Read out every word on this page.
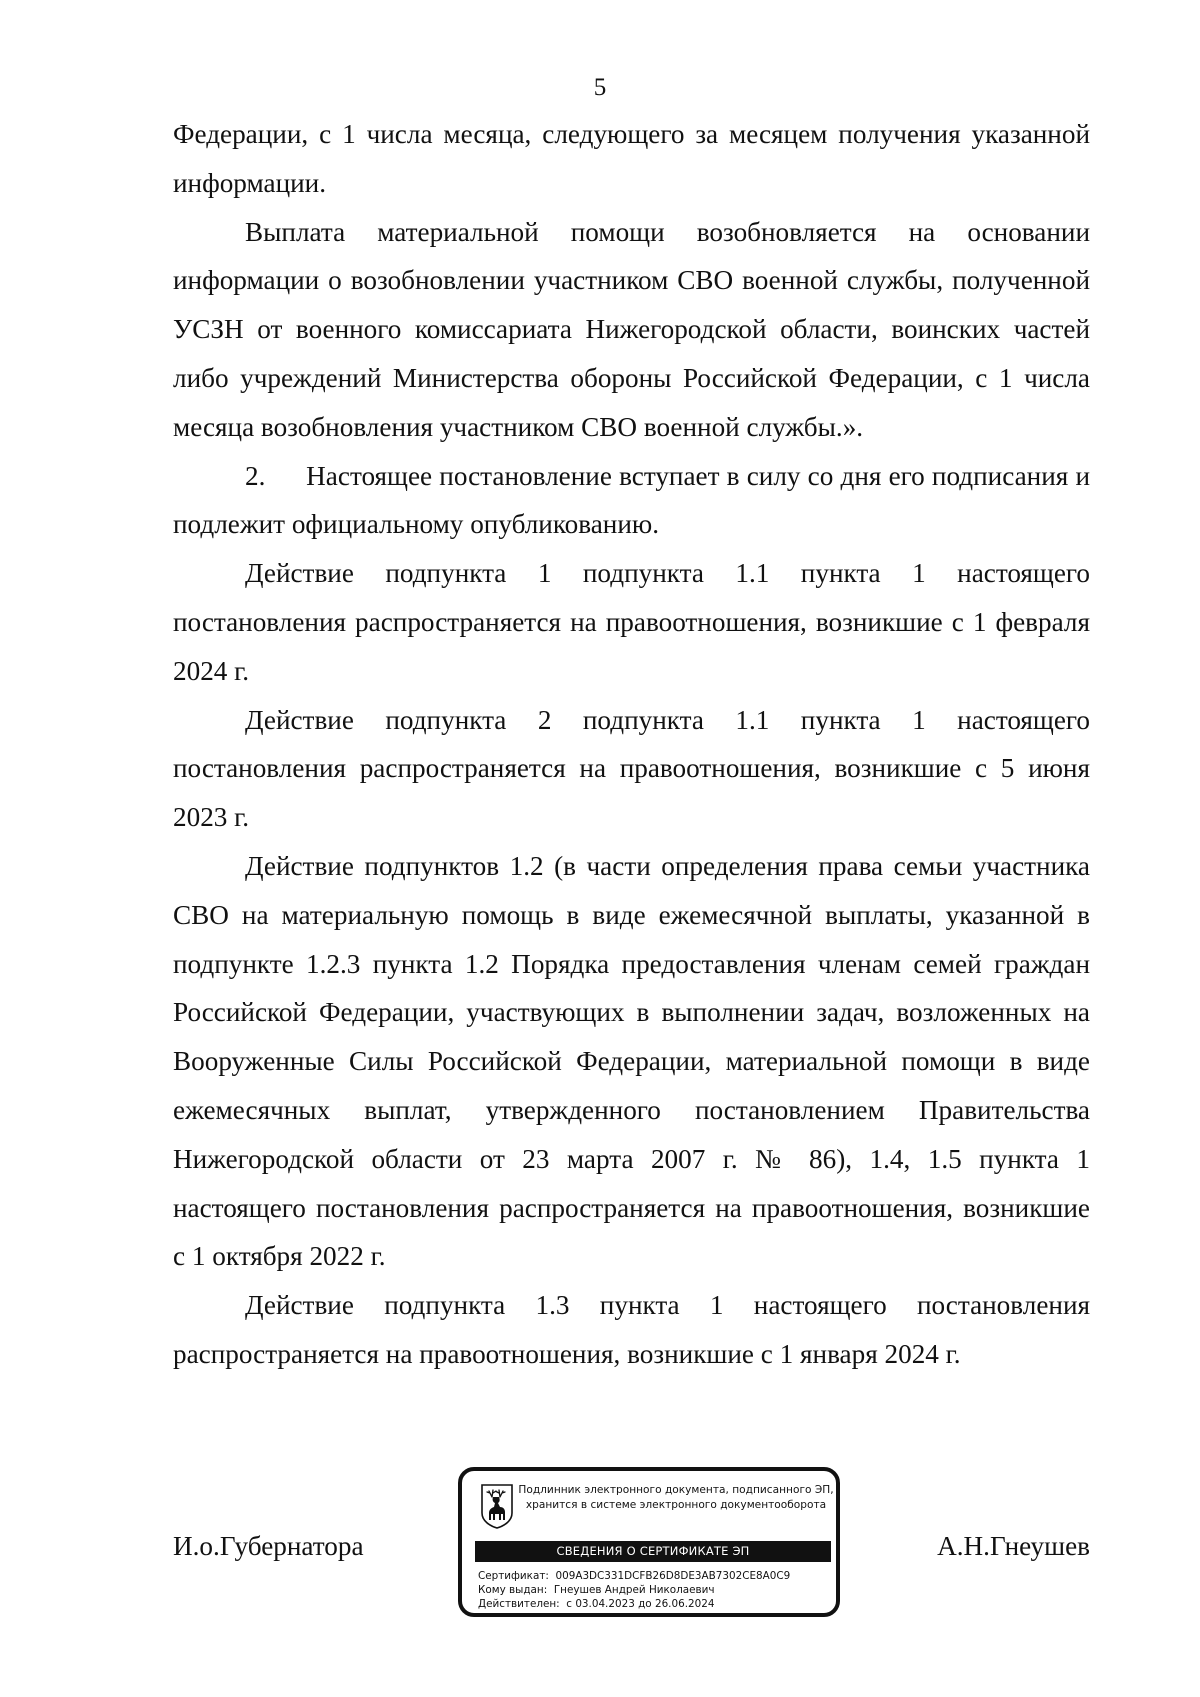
5

Федерации, с 1 числа месяца, следующего за месяцем получения указанной информации.

Выплата материальной помощи возобновляется на основании информации о возобновлении участником СВО военной службы, полученной УСЗН от военного комиссариата Нижегородской области, воинских частей либо учреждений Министерства обороны Российской Федерации, с 1 числа месяца возобновления участником СВО военной службы.».

2.  Настоящее постановление вступает в силу со дня его подписания и подлежит официальному опубликованию.

Действие подпункта 1 подпункта 1.1 пункта 1 настоящего постановления распространяется на правоотношения, возникшие с 1 февраля 2024 г.

Действие подпункта 2 подпункта 1.1 пункта 1 настоящего постановления распространяется на правоотношения, возникшие с 5 июня 2023 г.

Действие подпунктов 1.2 (в части определения права семьи участника СВО на материальную помощь в виде ежемесячной выплаты, указанной в подпункте 1.2.3 пункта 1.2 Порядка предоставления членам семей граждан Российской Федерации, участвующих в выполнении задач, возложенных на Вооруженные Силы Российской Федерации, материальной помощи в виде ежемесячных выплат, утвержденного постановлением Правительства Нижегородской области от 23 марта 2007 г. № 86), 1.4, 1.5 пункта 1 настоящего постановления распространяется на правоотношения, возникшие с 1 октября 2022 г.

Действие подпункта 1.3 пункта 1 настоящего постановления распространяется на правоотношения, возникшие с 1 января 2024 г.

И.о.Губернатора	А.Н.Гнеушев
Подлинник электронного документа, подписанного ЭП,
хранится в системе электронного документооборота
СВЕДЕНИЯ О СЕРТИФИКАТЕ ЭП
Сертификат: 009A3DC331DCFB26D8DE3AB7302CE8A0C9
Кому выдан: Гнеушев Андрей Николаевич
Действителен: с 03.04.2023 до 26.06.2024
